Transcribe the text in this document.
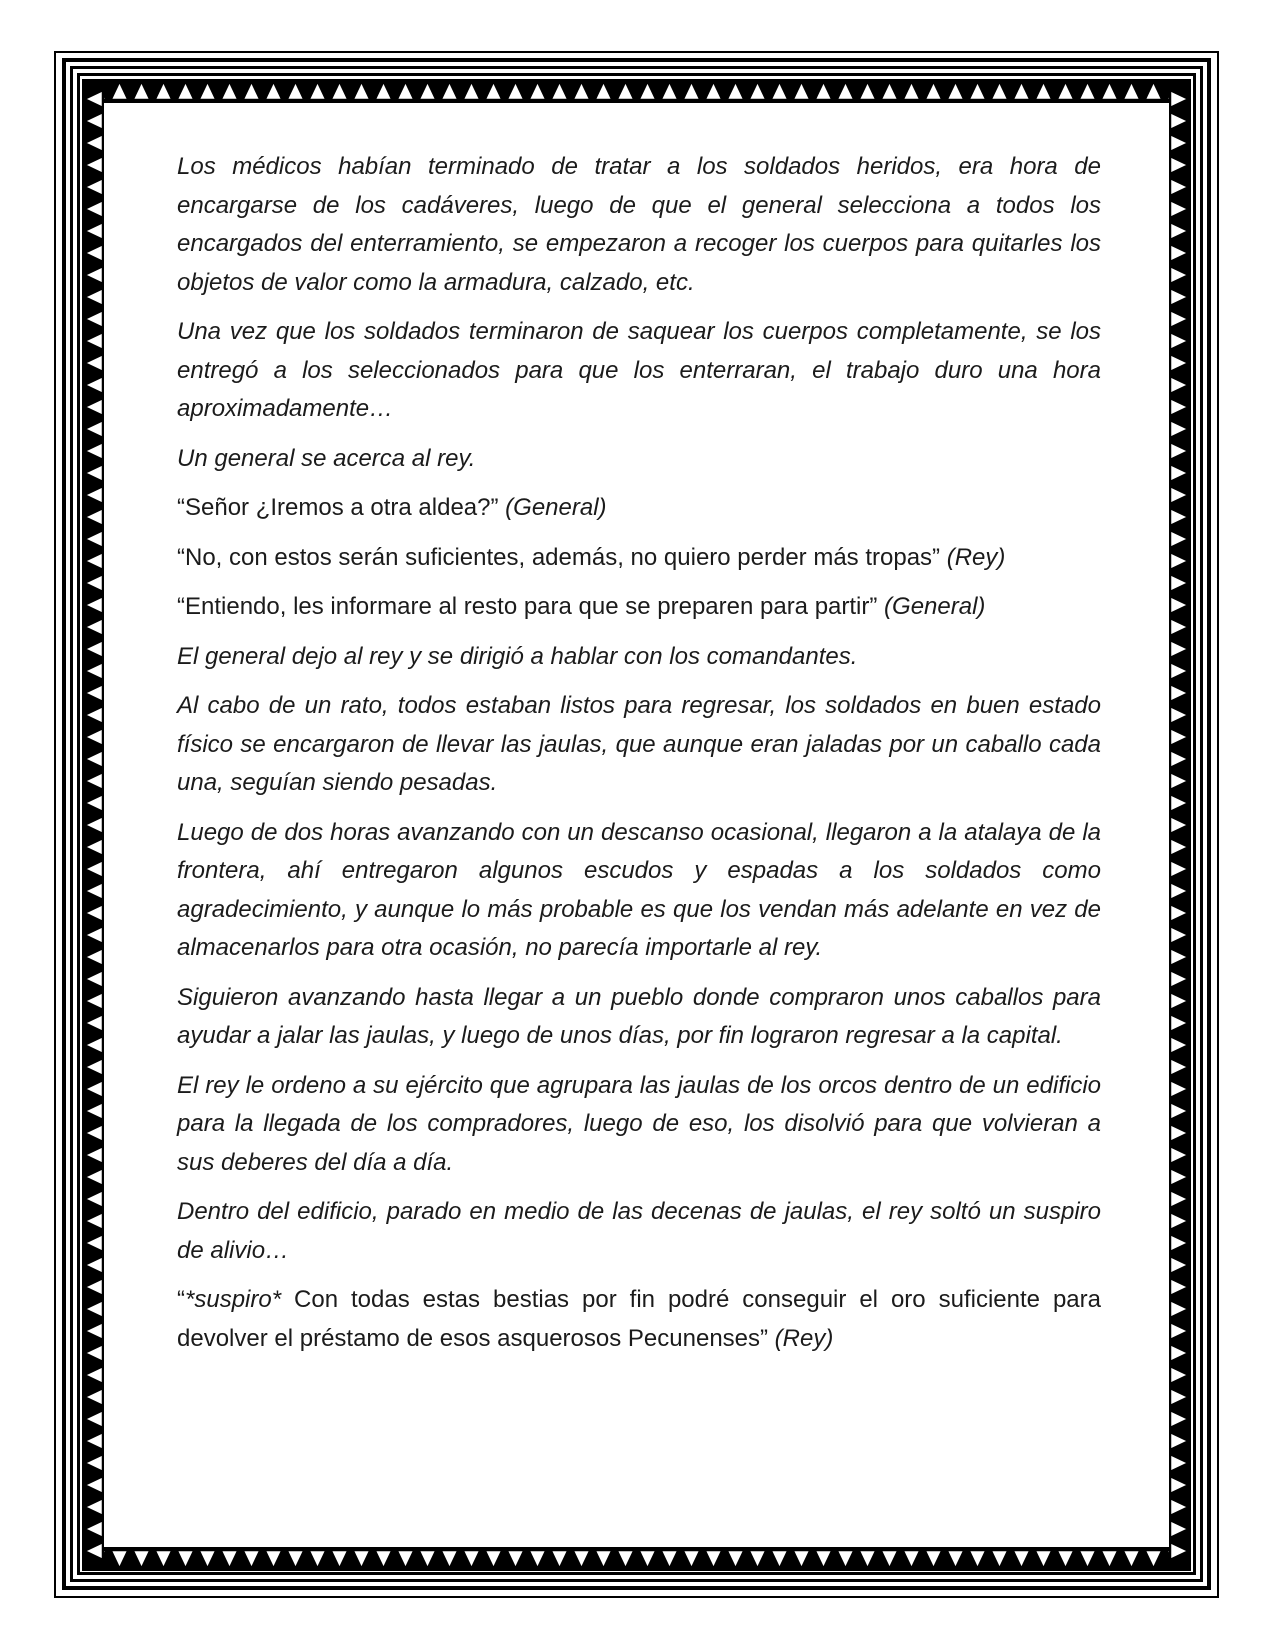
Los médicos habían terminado de tratar a los soldados heridos, era hora de encargarse de los cadáveres, luego de que el general selecciona a todos los encargados del enterramiento, se empezaron a recoger los cuerpos para quitarles los objetos de valor como la armadura, calzado, etc.

Una vez que los soldados terminaron de saquear los cuerpos completamente, se los entregó a los seleccionados para que los enterraran, el trabajo duro una hora aproximadamente…

Un general se acerca al rey.

“Señor ¿Iremos a otra aldea?” (General)

“No, con estos serán suficientes, además, no quiero perder más tropas” (Rey)

“Entiendo, les informare al resto para que se preparen para partir” (General)

El general dejo al rey y se dirigió a hablar con los comandantes.

Al cabo de un rato, todos estaban listos para regresar, los soldados en buen estado físico se encargaron de llevar las jaulas, que aunque eran jaladas por un caballo cada una, seguían siendo pesadas.

Luego de dos horas avanzando con un descanso ocasional, llegaron a la atalaya de la frontera, ahí entregaron algunos escudos y espadas a los soldados como agradecimiento, y aunque lo más probable es que los vendan más adelante en vez de almacenarlos para otra ocasión, no parecía importarle al rey.

Siguieron avanzando hasta llegar a un pueblo donde compraron unos caballos para ayudar a jalar las jaulas, y luego de unos días, por fin lograron regresar a la capital.

El rey le ordeno a su ejército que agrupara las jaulas de los orcos dentro de un edificio para la llegada de los compradores, luego de eso, los disolvió para que volvieran a sus deberes del día a día.

Dentro del edificio, parado en medio de las decenas de jaulas, el rey soltó un suspiro de alivio…

“*suspiro* Con todas estas bestias por fin podré conseguir el oro suficiente para devolver el préstamo de esos asquerosos Pecunenses” (Rey)
